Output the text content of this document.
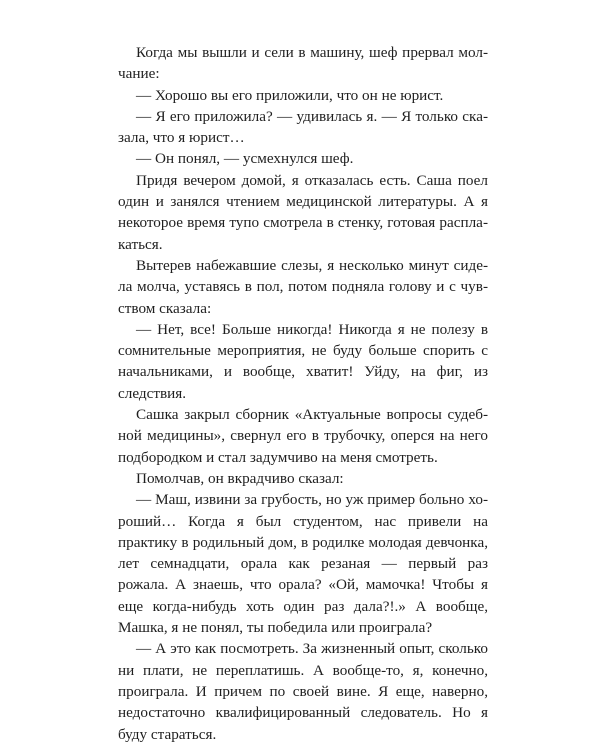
Когда мы вышли и сели в машину, шеф прервал молчание:

— Хорошо вы его приложили, что он не юрист.

— Я его приложила? — удивилась я. — Я только сказала, что я юрист…

— Он понял, — усмехнулся шеф.

Придя вечером домой, я отказалась есть. Саша поел один и занялся чтением медицинской литературы. А я некоторое время тупо смотрела в стенку, готовая расплакаться.

Вытерев набежавшие слезы, я несколько минут сидела молча, уставясь в пол, потом подняла голову и с чувством сказала:

— Нет, все! Больше никогда! Никогда я не полезу в сомнительные мероприятия, не буду больше спорить с начальниками, и вообще, хватит! Уйду, на фиг, из следствия.

Сашка закрыл сборник «Актуальные вопросы судебной медицины», свернул его в трубочку, оперся на него подбородком и стал задумчиво на меня смотреть.

Помолчав, он вкрадчиво сказал:

— Маш, извини за грубость, но уж пример больно хороший… Когда я был студентом, нас привели на практику в родильный дом, в родилке молодая девчонка, лет семнадцати, орала как резаная — первый раз рожала. А знаешь, что орала? «Ой, мамочка! Чтобы я еще когда-нибудь хоть один раз дала?!.» А вообще, Машка, я не понял, ты победила или проиграла?

— А это как посмотреть. За жизненный опыт, сколько ни плати, не переплатишь. А вообще-то, я, конечно, проиграла. И причем по своей вине. Я еще, наверно, недостаточно квалифицированный следователь. Но я буду стараться.
